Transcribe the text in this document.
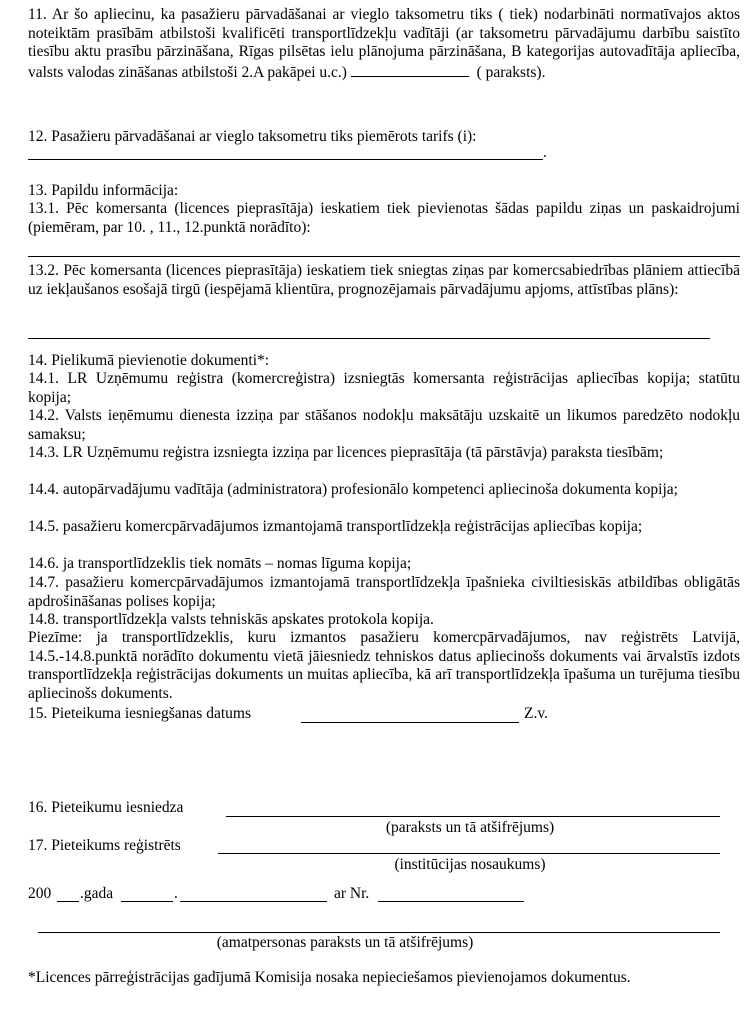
11. Ar šo apliecinu, ka pasažieru pārvadāšanai ar vieglo taksometru tiks ( tiek) nodarbināti normatīvajos aktos noteiktām prasībām atbilstoši kvalificēti transportlīdzekļu vadītāji (ar taksometru pārvadājumu darbību saistīto tiesību aktu prasību pārzināšana, Rīgas pilsētas ielu plānojuma pārzināšana, B kategorijas autovadītāja apliecība, valsts valodas zināšanas atbilstoši 2.A pakāpei u.c.)	( paraksts).
12. Pasažieru pārvadāšanai ar vieglo taksometru tiks piemērots tarifs (i):
.
13. Papildu informācija:
13.1. Pēc komersanta (licences pieprasītāja) ieskatiem tiek pievienotas šādas papildu ziņas un paskaidrojumi (piemēram, par 10. , 11., 12.punktā norādīto):
13.2. Pēc komersanta (licences pieprasītāja) ieskatiem tiek sniegtas ziņas par komercsabiedrības plāniem attiecībā uz iekļaušanos esošajā tirgū (iespējamā klientūra, prognozējamais pārvadājumu apjoms, attīstības plāns):
14. Pielikumā pievienotie dokumenti*:
14.1. LR Uzņēmumu reģistra (komercreģistra) izsniegtās komersanta reģistrācijas apliecības kopija; statūtu kopija;
14.2. Valsts ieņēmumu dienesta izziņa par stāšanos nodokļu maksātāju uzskaitē un likumos paredzēto nodokļu samaksu;
14.3. LR Uzņēmumu reģistra izsniegta izziņa par licences pieprasītāja (tā pārstāvja) paraksta tiesībām;
14.4. autopārvadājumu vadītāja (administratora) profesionālo kompetenci apliecinoša dokumenta kopija;
14.5. pasažieru komercpārvadājumos izmantojamā transportlīdzekļa reģistrācijas apliecības kopija;
14.6. ja transportlīdzeklis tiek nomāts – nomas līguma kopija;
14.7. pasažieru komercpārvadājumos izmantojamā transportlīdzekļa īpašnieka civiltiesiskās atbildības obligātās apdrošināšanas polises kopija;
14.8. transportlīdzekļa valsts tehniskās apskates protokola kopija.
Piezīme: ja transportlīdzeklis, kuru izmantos pasažieru komercpārvadājumos, nav reģistrēts Latvijā, 14.5.-14.8.punktā norādīto dokumentu vietā jāiesniedz tehniskos datus apliecinošs dokuments vai ārvalstīs izdots transportlīdzekļa reģistrācijas dokuments un muitas apliecība, kā arī transportlīdzekļa īpašuma un turējuma tiesību apliecinošs dokuments.
15. Pieteikuma iesniegšanas datums	Z.v.
16. Pieteikumu iesniedza
(paraksts un tā atšifrējums)
17. Pieteikums reģistrēts
(institūcijas nosaukums)
200 .gada	.	ar Nr.
(amatpersonas paraksts un tā atšifrējums)
*Licences pārreģistrācijas gadījumā Komisija nosaka nepieciešamos pievienojamos dokumentus.
